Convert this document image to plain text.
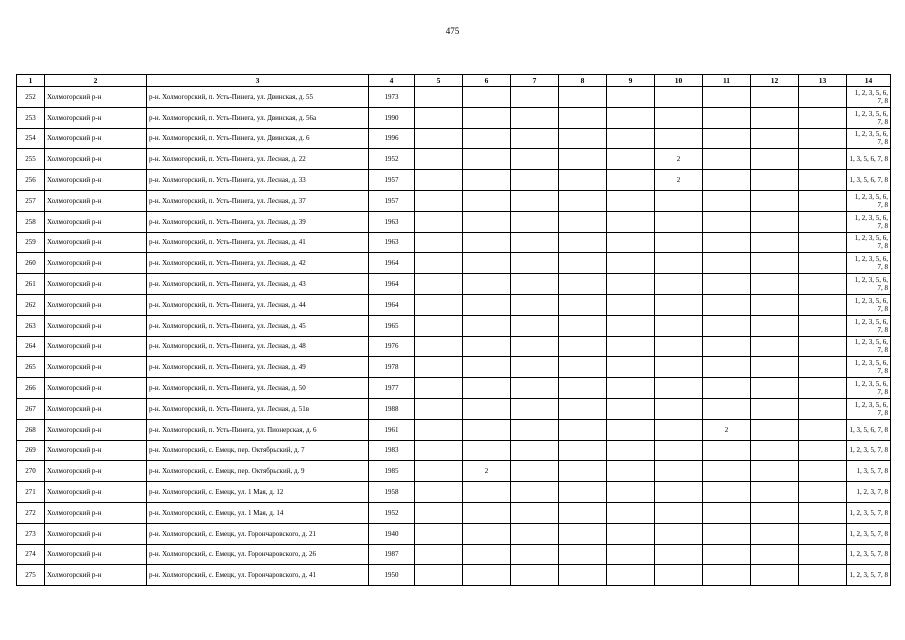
475
1	2	3	4	5	6	7	8	9	10	11	12	13	14
252	Холмогорский р-н	р-н. Холмогорский, п. Усть-Пинега, ул. Двинская, д. 55	1973										1, 2, 3, 5, 6, 7, 8
253	Холмогорский р-н	р-н. Холмогорский, п. Усть-Пинега, ул. Двинская, д. 56а	1990										1, 2, 3, 5, 6, 7, 8
254	Холмогорский р-н	р-н. Холмогорский, п. Усть-Пинега, ул. Двинская, д. 6	1996										1, 2, 3, 5, 6, 7, 8
255	Холмогорский р-н	р-н. Холмогорский, п. Усть-Пинега, ул. Лесная, д. 22	1952						2				1, 3, 5, 6, 7, 8
256	Холмогорский р-н	р-н. Холмогорский, п. Усть-Пинега, ул. Лесная, д. 33	1957						2				1, 3, 5, 6, 7, 8
257	Холмогорский р-н	р-н. Холмогорский, п. Усть-Пинега, ул. Лесная, д. 37	1957										1, 2, 3, 5, 6, 7, 8
258	Холмогорский р-н	р-н. Холмогорский, п. Усть-Пинега, ул. Лесная, д. 39	1963										1, 2, 3, 5, 6, 7, 8
259	Холмогорский р-н	р-н. Холмогорский, п. Усть-Пинега, ул. Лесная, д. 41	1963										1, 2, 3, 5, 6, 7, 8
260	Холмогорский р-н	р-н. Холмогорский, п. Усть-Пинега, ул. Лесная, д. 42	1964										1, 2, 3, 5, 6, 7, 8
261	Холмогорский р-н	р-н. Холмогорский, п. Усть-Пинега, ул. Лесная, д. 43	1964										1, 2, 3, 5, 6, 7, 8
262	Холмогорский р-н	р-н. Холмогорский, п. Усть-Пинега, ул. Лесная, д. 44	1964										1, 2, 3, 5, 6, 7, 8
263	Холмогорский р-н	р-н. Холмогорский, п. Усть-Пинега, ул. Лесная, д. 45	1965										1, 2, 3, 5, 6, 7, 8
264	Холмогорский р-н	р-н. Холмогорский, п. Усть-Пинега, ул. Лесная, д. 48	1976										1, 2, 3, 5, 6, 7, 8
265	Холмогорский р-н	р-н. Холмогорский, п. Усть-Пинега, ул. Лесная, д. 49	1978										1, 2, 3, 5, 6, 7, 8
266	Холмогорский р-н	р-н. Холмогорский, п. Усть-Пинега, ул. Лесная, д. 50	1977										1, 2, 3, 5, 6, 7, 8
267	Холмогорский р-н	р-н. Холмогорский, п. Усть-Пинега, ул. Лесная, д. 51в	1988										1, 2, 3, 5, 6, 7, 8
268	Холмогорский р-н	р-н. Холмогорский, п. Усть-Пинега, ул. Пионерская, д. 6	1961							2			1, 3, 5, 6, 7, 8
269	Холмогорский р-н	р-н. Холмогорский, с. Емецк, пер. Октябрьский, д. 7	1983										1, 2, 3, 5, 7, 8
270	Холмогорский р-н	р-н. Холмогорский, с. Емецк, пер. Октябрьский, д. 9	1985		2								1, 3, 5, 7, 8
271	Холмогорский р-н	р-н. Холмогорский, с. Емецк, ул. 1 Мая, д. 12	1958										1, 2, 3, 7, 8
272	Холмогорский р-н	р-н. Холмогорский, с. Емецк, ул. 1 Мая, д. 14	1952										1, 2, 3, 5, 7, 8
273	Холмогорский р-н	р-н. Холмогорский, с. Емецк, ул. Горончаровского, д. 21	1940										1, 2, 3, 5, 7, 8
274	Холмогорский р-н	р-н. Холмогорский, с. Емецк, ул. Горончаровского, д. 26	1987										1, 2, 3, 5, 7, 8
275	Холмогорский р-н	р-н. Холмогорский, с. Емецк, ул. Горончаровского, д. 41	1950										1, 2, 3, 5, 7, 8
